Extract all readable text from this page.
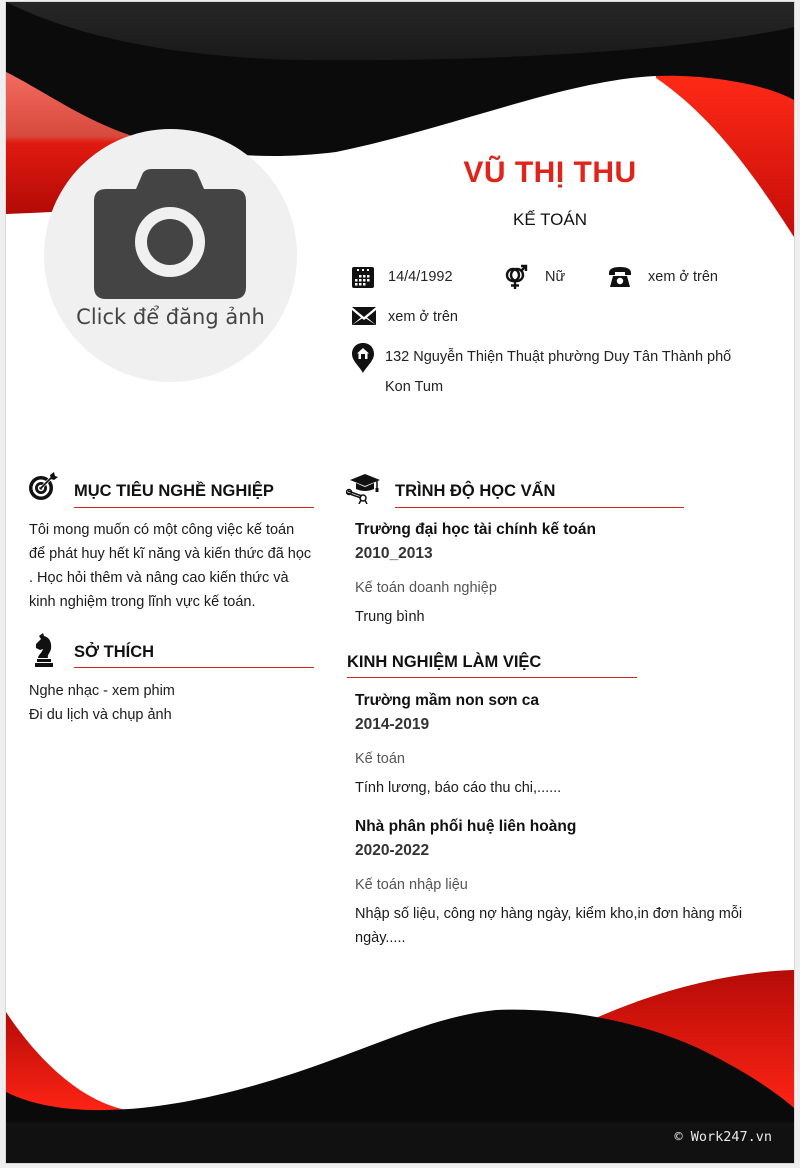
Click để đăng ảnh
VŨ THỊ THU
KẾ TOÁN
14/4/1992	Nữ	xem ở trên
xem ở trên
132 Nguyễn Thiện Thuật phường Duy Tân Thành phố
Kon Tum
MỤC TIÊU NGHỀ NGHIỆP
Tôi mong muốn có một công việc kế toán
để phát huy hết kĩ năng và kiến thức đã học
. Học hỏi thêm và nâng cao kiến thức và
kinh nghiệm trong lĩnh vực kế toán.
SỞ THÍCH
Nghe nhạc - xem phim
Đi du lịch và chụp ảnh
TRÌNH ĐỘ HỌC VẤN
Trường đại học tài chính kế toán
2010_2013
Kế toán doanh nghiệp
Trung bình
KINH NGHIỆM LÀM VIỆC
Trường mầm non sơn ca
2014-2019
Kế toán
Tính lương, báo cáo thu chi,......
Nhà phân phối huệ liên hoàng
2020-2022
Kế toán nhập liệu
Nhập số liệu, công nợ hàng ngày, kiểm kho,in đơn hàng mỗi
ngày.....
© Work247.vn
